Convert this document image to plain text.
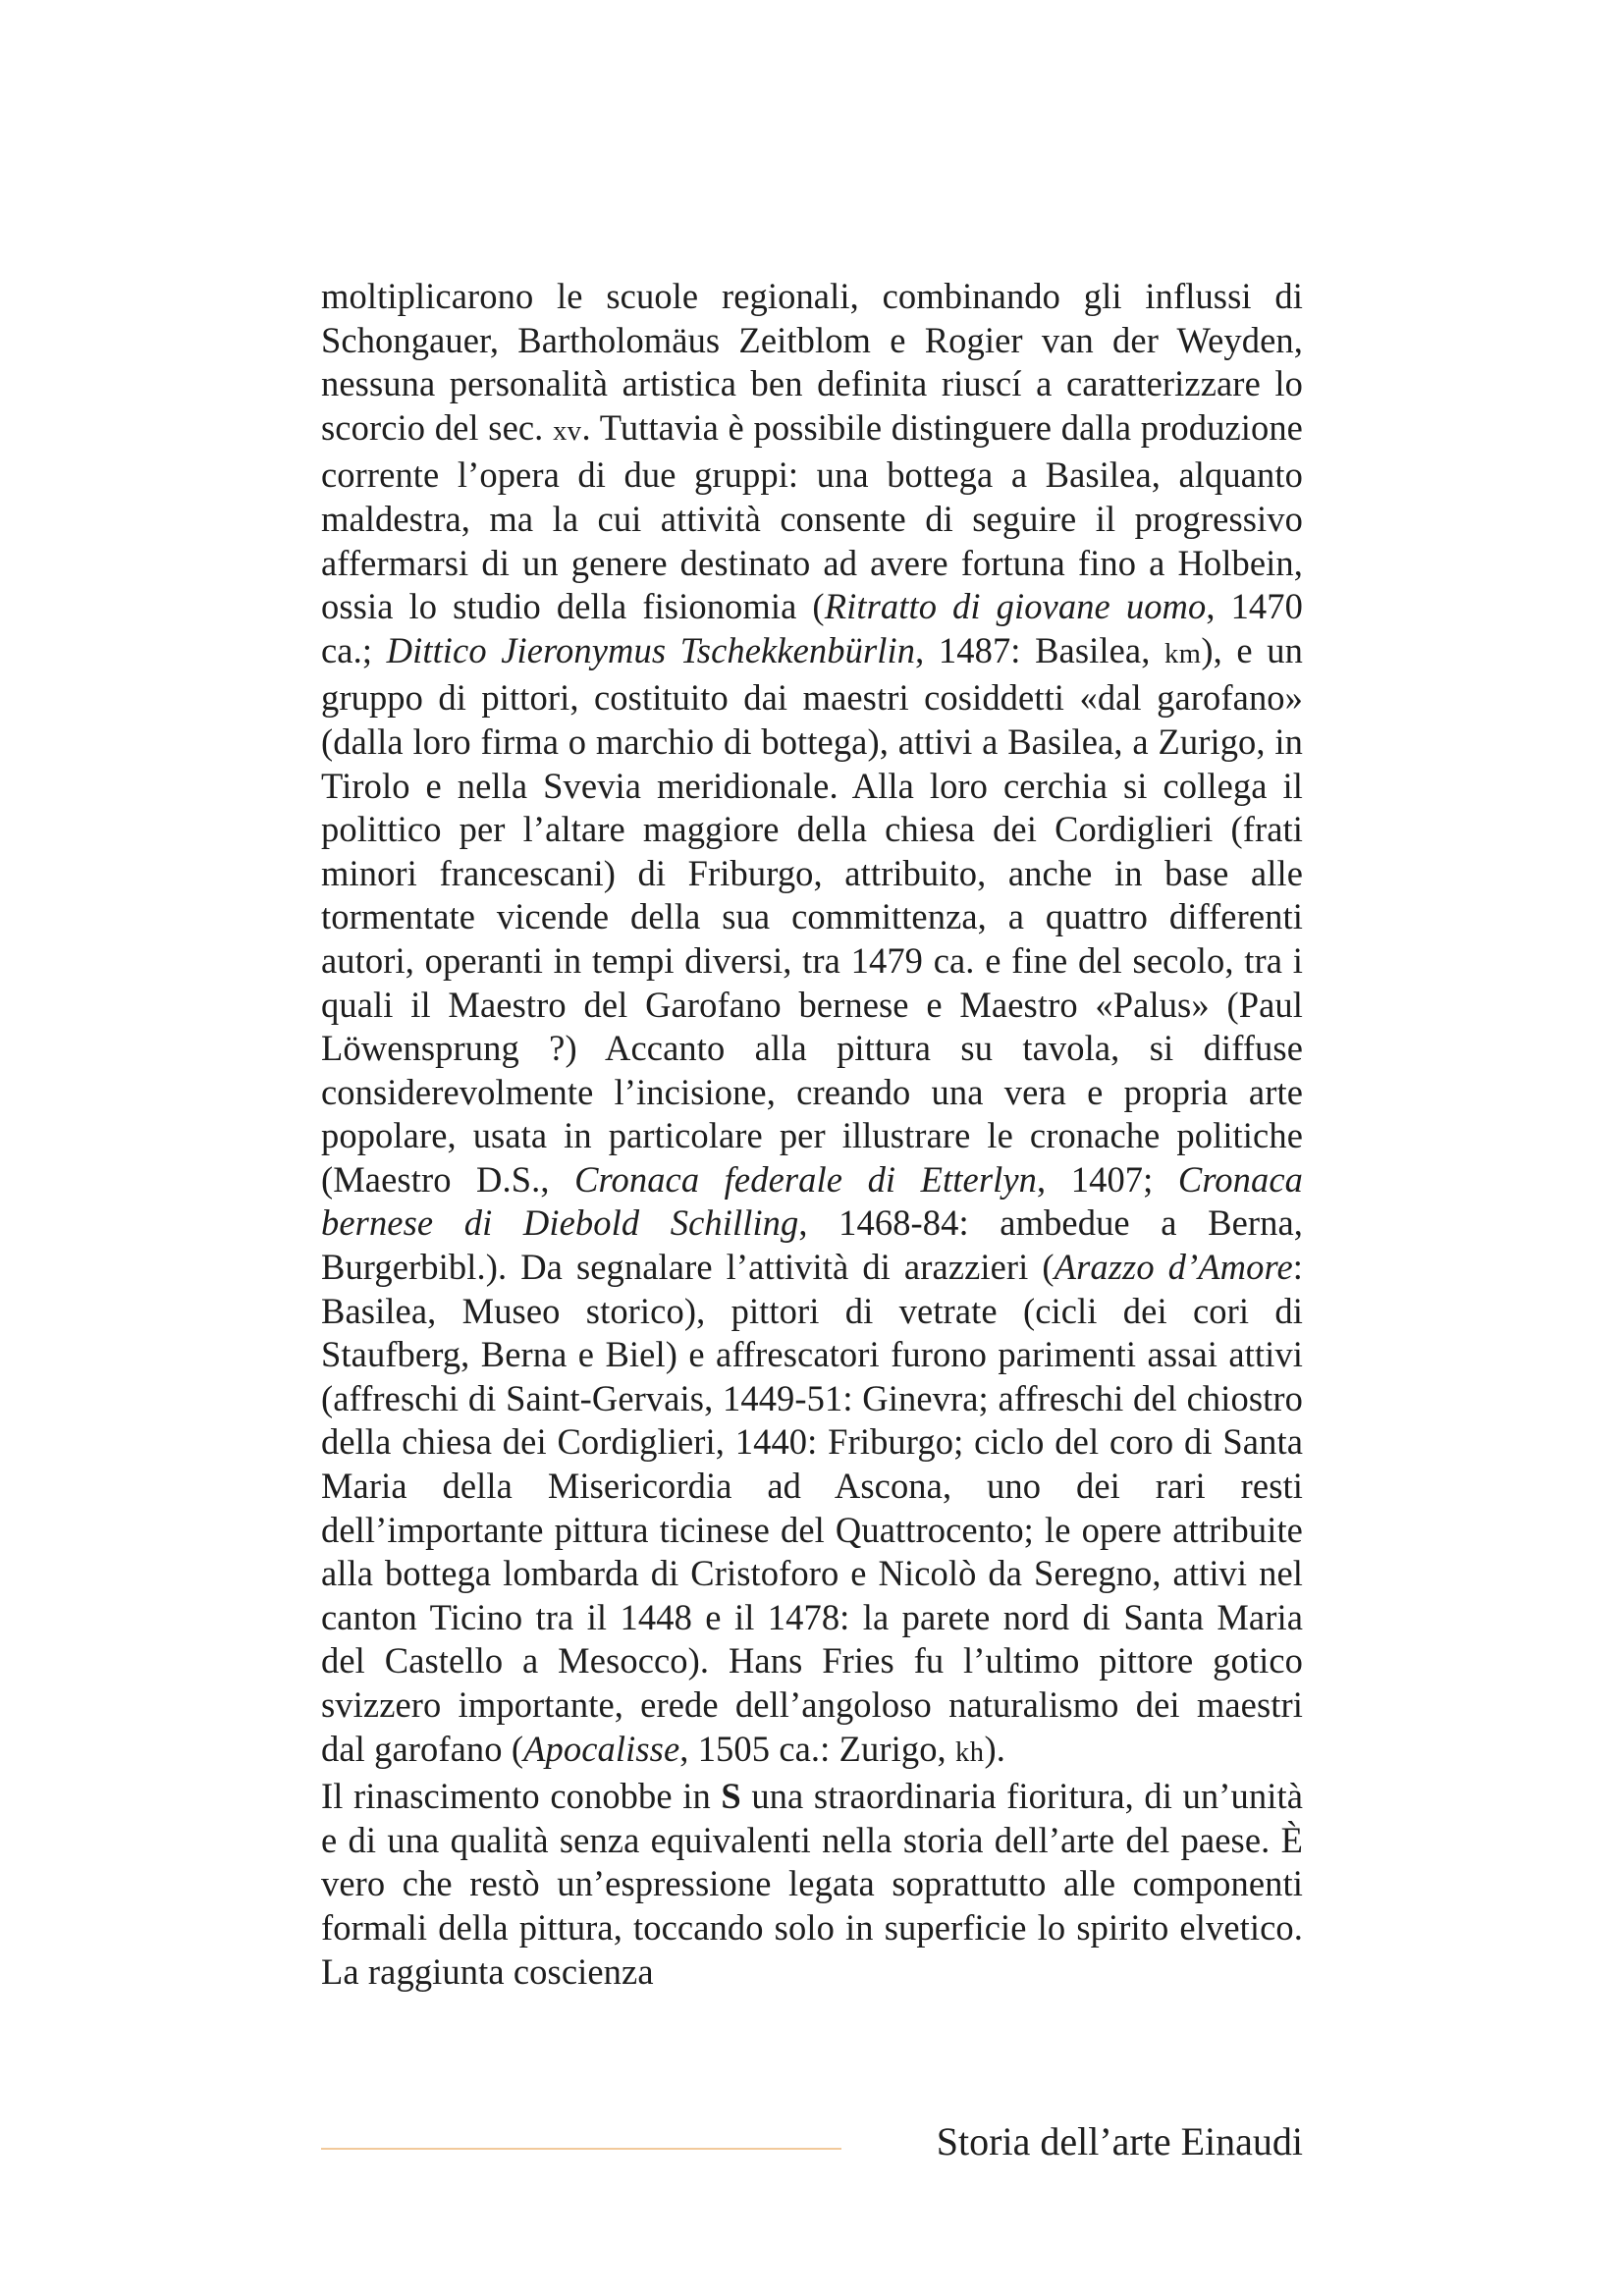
moltiplicarono le scuole regionali, combinando gli influssi di Schongauer, Bartholomäus Zeitblom e Rogier van der Weyden, nessuna personalità artistica ben definita riuscí a caratterizzare lo scorcio del sec. xv. Tuttavia è possibile distinguere dalla produzione corrente l’opera di due gruppi: una bottega a Basilea, alquanto maldestra, ma la cui attività consente di seguire il progressivo affermarsi di un genere destinato ad avere fortuna fino a Holbein, ossia lo studio della fisionomia (Ritratto di giovane uomo, 1470 ca.; Dittico Jieronymus Tschekkenbürlin, 1487: Basilea, km), e un gruppo di pittori, costituito dai maestri cosiddetti «dal garofano» (dalla loro firma o marchio di bottega), attivi a Basilea, a Zurigo, in Tirolo e nella Svevia meridionale. Alla loro cerchia si collega il polittico per l’altare maggiore della chiesa dei Cordiglieri (frati minori francescani) di Friburgo, attribuito, anche in base alle tormentate vicende della sua committenza, a quattro differenti autori, operanti in tempi diversi, tra 1479 ca. e fine del secolo, tra i quali il Maestro del Garofano bernese e Maestro «Palus» (Paul Löwensprung ?) Accanto alla pittura su tavola, si diffuse considerevolmente l’incisione, creando una vera e propria arte popolare, usata in particolare per illustrare le cronache politiche (Maestro D.S., Cronaca federale di Etterlyn, 1407; Cronaca bernese di Diebold Schilling, 1468-84: ambedue a Berna, Burgerbibl.). Da segnalare l’attività di arazzieri (Arazzo d’Amore: Basilea, Museo storico), pittori di vetrate (cicli dei cori di Staufberg, Berna e Biel) e affrescatori furono parimenti assai attivi (affreschi di Saint-Gervais, 1449-51: Ginevra; affreschi del chiostro della chiesa dei Cordiglieri, 1440: Friburgo; ciclo del coro di Santa Maria della Misericordia ad Ascona, uno dei rari resti dell’importante pittura ticinese del Quattrocento; le opere attribuite alla bottega lombarda di Cristoforo e Nicolò da Seregno, attivi nel canton Ticino tra il 1448 e il 1478: la parete nord di Santa Maria del Castello a Mesocco). Hans Fries fu l’ultimo pittore gotico svizzero importante, erede dell’angoloso naturalismo dei maestri dal garofano (Apocalisse, 1505 ca.: Zurigo, kh).

Il rinascimento conobbe in S una straordinaria fioritura, di un’unità e di una qualità senza equivalenti nella storia dell’arte del paese. È vero che restò un’espressione legata soprattutto alle componenti formali della pittura, toccando solo in superficie lo spirito elvetico. La raggiunta coscienza

Storia dell’arte Einaudi
